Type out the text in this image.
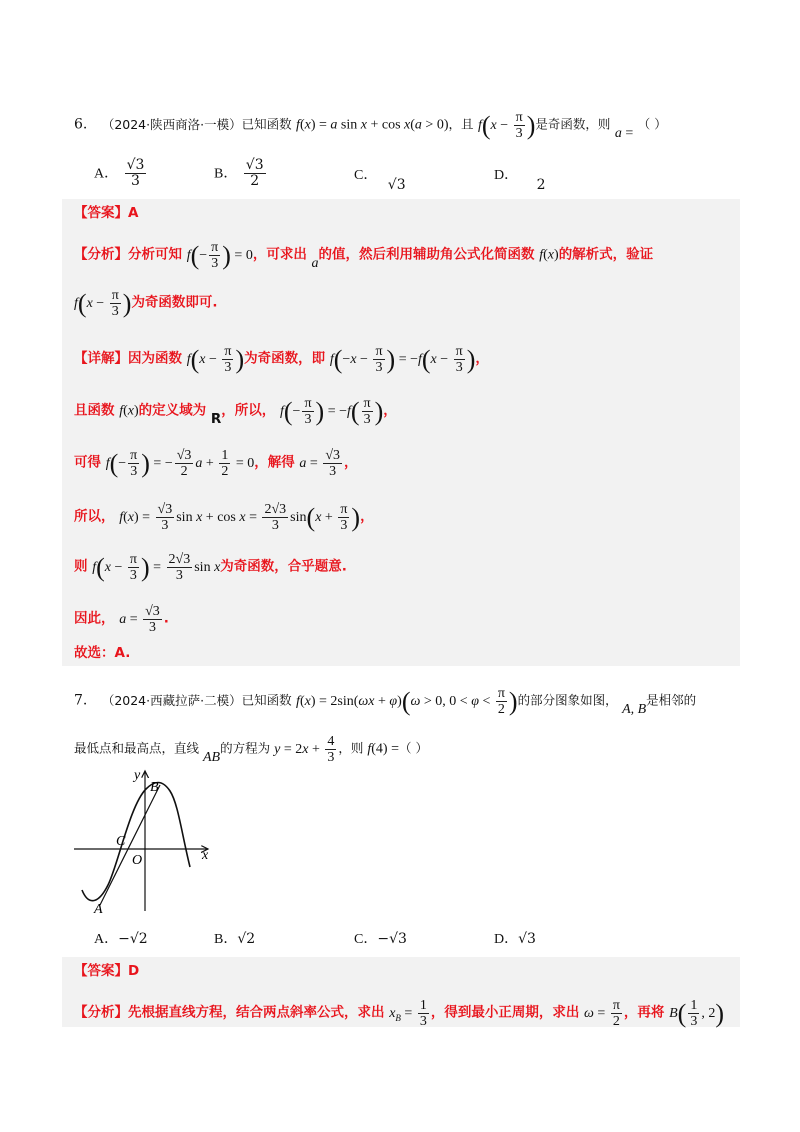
6. （2024·陕西商洛·一模）已知函数 f(x) = a sin x + cos x(a > 0)，且 $f(x - \frac{\pi}{3}$ )是奇函数，则 a = （ ）
A． $\frac{√3}{3}$	B． $\frac{√3}{2}$	C． √3
D． 2
【答案】A
【分析】分析可知 $f(- \frac{\pi}{3}$ ) = 0，可求出 a的值，然后利用辅助角公式化简函数 f(x)的解析式，验证
$f(x - \frac{\pi}{3}$ )为奇函数即可.
【详解】因为函数 $f(x - \frac{\pi}{3}$ )为奇函数，即 $f(-x - \frac{\pi}{3}$ ) = $-f(x - \frac{\pi}{3}$ )，
且函数 f(x)的定义域为 R，所以， $f(- \frac{\pi}{3}$ ) = $-f( \frac{\pi}{3}$ )，
可得 $f(- \frac{\pi}{3}$ ) = − $\frac{√3}{2}$ $a + \frac{1}{2} = 0$，解得 $a = \frac{√3}{3}$ ，
所以， $f(x) = \frac{√3}{3}$ $\sin x + \cos x = \frac{2√3}{3} \sin(x + \frac{\pi}{3}$ )，
则 $f(x - \frac{\pi}{3}$ ) = $\frac{2√3}{3}$ sin x为奇函数，合乎题意.
因此， $a = \frac{√3}{3}$ .
故选：A.
7. （2024·西藏拉萨·二模）已知函数 f(x) = 2sin(ωx + φ)(ω > 0, $0 < \varphi < \frac{\pi}{2}$ )的部分图象如图， A, B是相邻的
最低点和最高点，直线 AB的方程为 $y = 2x + \frac{4}{3}$ ，则 f(4) =（ ）
y
x
B
C
O
A
A．−√2	B．√2	C．−√3	D．√3
【答案】D
【分析】先根据直线方程，结合两点斜率公式，求出 $x_B = \frac{1}{3}$ ，得到最小正周期，求出 $\omega = \frac{\pi}{2}$ ，再将 $B( \frac{1}{3}$ , 2)
